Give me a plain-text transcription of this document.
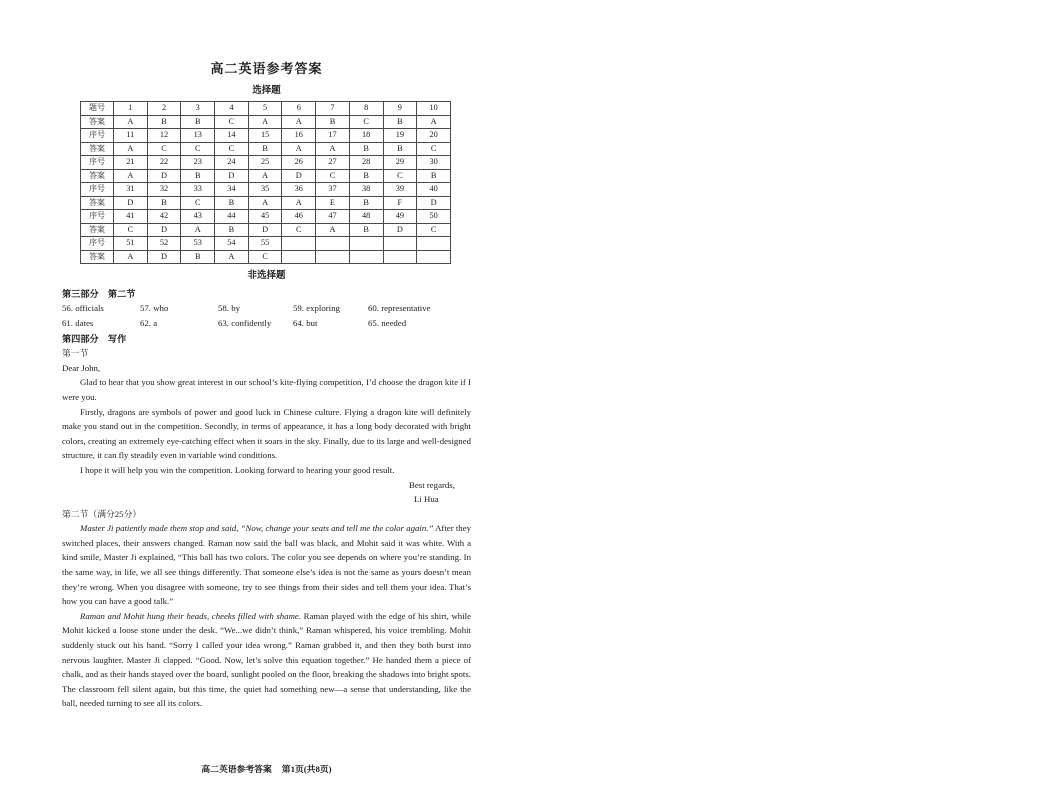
高二英语参考答案
选择题
题号	1	2	3	4	5	6	7	8	9	10
答案	A	B	B	C	A	A	B	C	B	A
序号	11	12	13	14	15	16	17	18	19	20
答案	A	C	C	C	B	A	A	B	B	C
序号	21	22	23	24	25	26	27	28	29	30
答案	A	D	B	D	A	D	C	B	C	B
序号	31	32	33	34	35	36	37	38	39	40
答案	D	B	C	B	A	A	E	B	F	D
序号	41	42	43	44	45	46	47	48	49	50
答案	C	D	A	B	D	C	A	B	D	C
序号	51	52	53	54	55					
答案	A	D	B	A	C					
非选择题
第三部分　第二节
56. officials	57. who	58. by	59. exploring	60. representative
61. dates	62. a	63. confidently	64. but	65. needed
第四部分　写作
第一节

Dear John,

Glad to hear that you show great interest in our school’s kite-flying competition, I’d choose the dragon kite if I were you.

Firstly, dragons are symbols of power and good luck in Chinese culture. Flying a dragon kite will definitely make you stand out in the competition. Secondly, in terms of appearance, it has a long body decorated with bright colors, creating an extremely eye-catching effect when it soars in the sky. Finally, due to its large and well-designed structure, it can fly steadily even in variable wind conditions.

I hope it will help you win the competition. Looking forward to hearing your good result.

Best regards,
Li Hua
第二节（满分25分）

Master Ji patiently made them stop and said, “Now, change your seats and tell me the color again.” After they switched places, their answers changed. Raman now said the ball was black, and Mohit said it was white. With a kind smile, Master Ji explained, “This ball has two colors. The color you see depends on where you’re standing. In the same way, in life, we all see things differently. That someone else’s idea is not the same as yours doesn’t mean they’re wrong. When you disagree with someone, try to see things from their sides and tell them your idea. That’s how you can have a good talk.”

Raman and Mohit hung their heads, cheeks filled with shame. Raman played with the edge of his shirt, while Mohit kicked a loose stone under the desk. “We...we didn’t think,” Raman whispered, his voice trembling. Mohit suddenly stuck out his hand. “Sorry I called your idea wrong.” Raman grabbed it, and then they both burst into nervous laughter. Master Ji clapped. “Good. Now, let’s solve this equation together.” He handed them a piece of chalk, and as their hands stayed over the board, sunlight pooled on the floor, breaking the shadows into bright spots. The classroom fell silent again, but this time, the quiet had something new—a sense that understanding, like the ball, needed turning to see all its colors.

高二英语参考答案 第1页(共8页)
